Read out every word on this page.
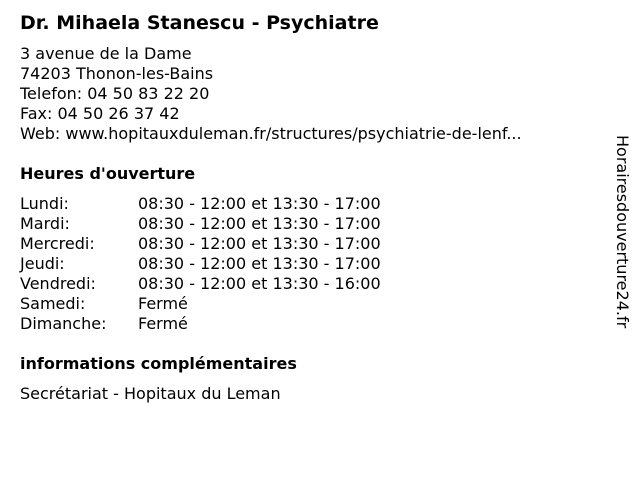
Dr. Mihaela Stanescu - Psychiatre
3 avenue de la Dame
74203 Thonon-les-Bains
Telefon: 04 50 83 22 20
Fax: 04 50 26 37 42
Web: www.hopitauxduleman.fr/structures/psychiatrie-de-lenf...
Heures d'ouverture
Lundi:	08:30 - 12:00 et 13:30 - 17:00
Mardi:	08:30 - 12:00 et 13:30 - 17:00
Mercredi:	08:30 - 12:00 et 13:30 - 17:00
Jeudi:	08:30 - 12:00 et 13:30 - 17:00
Vendredi:	08:30 - 12:00 et 13:30 - 16:00
Samedi:	Fermé
Dimanche:	Fermé
informations complémentaires
Secrétariat - Hopitaux du Leman
Horairesdouverture24.fr
